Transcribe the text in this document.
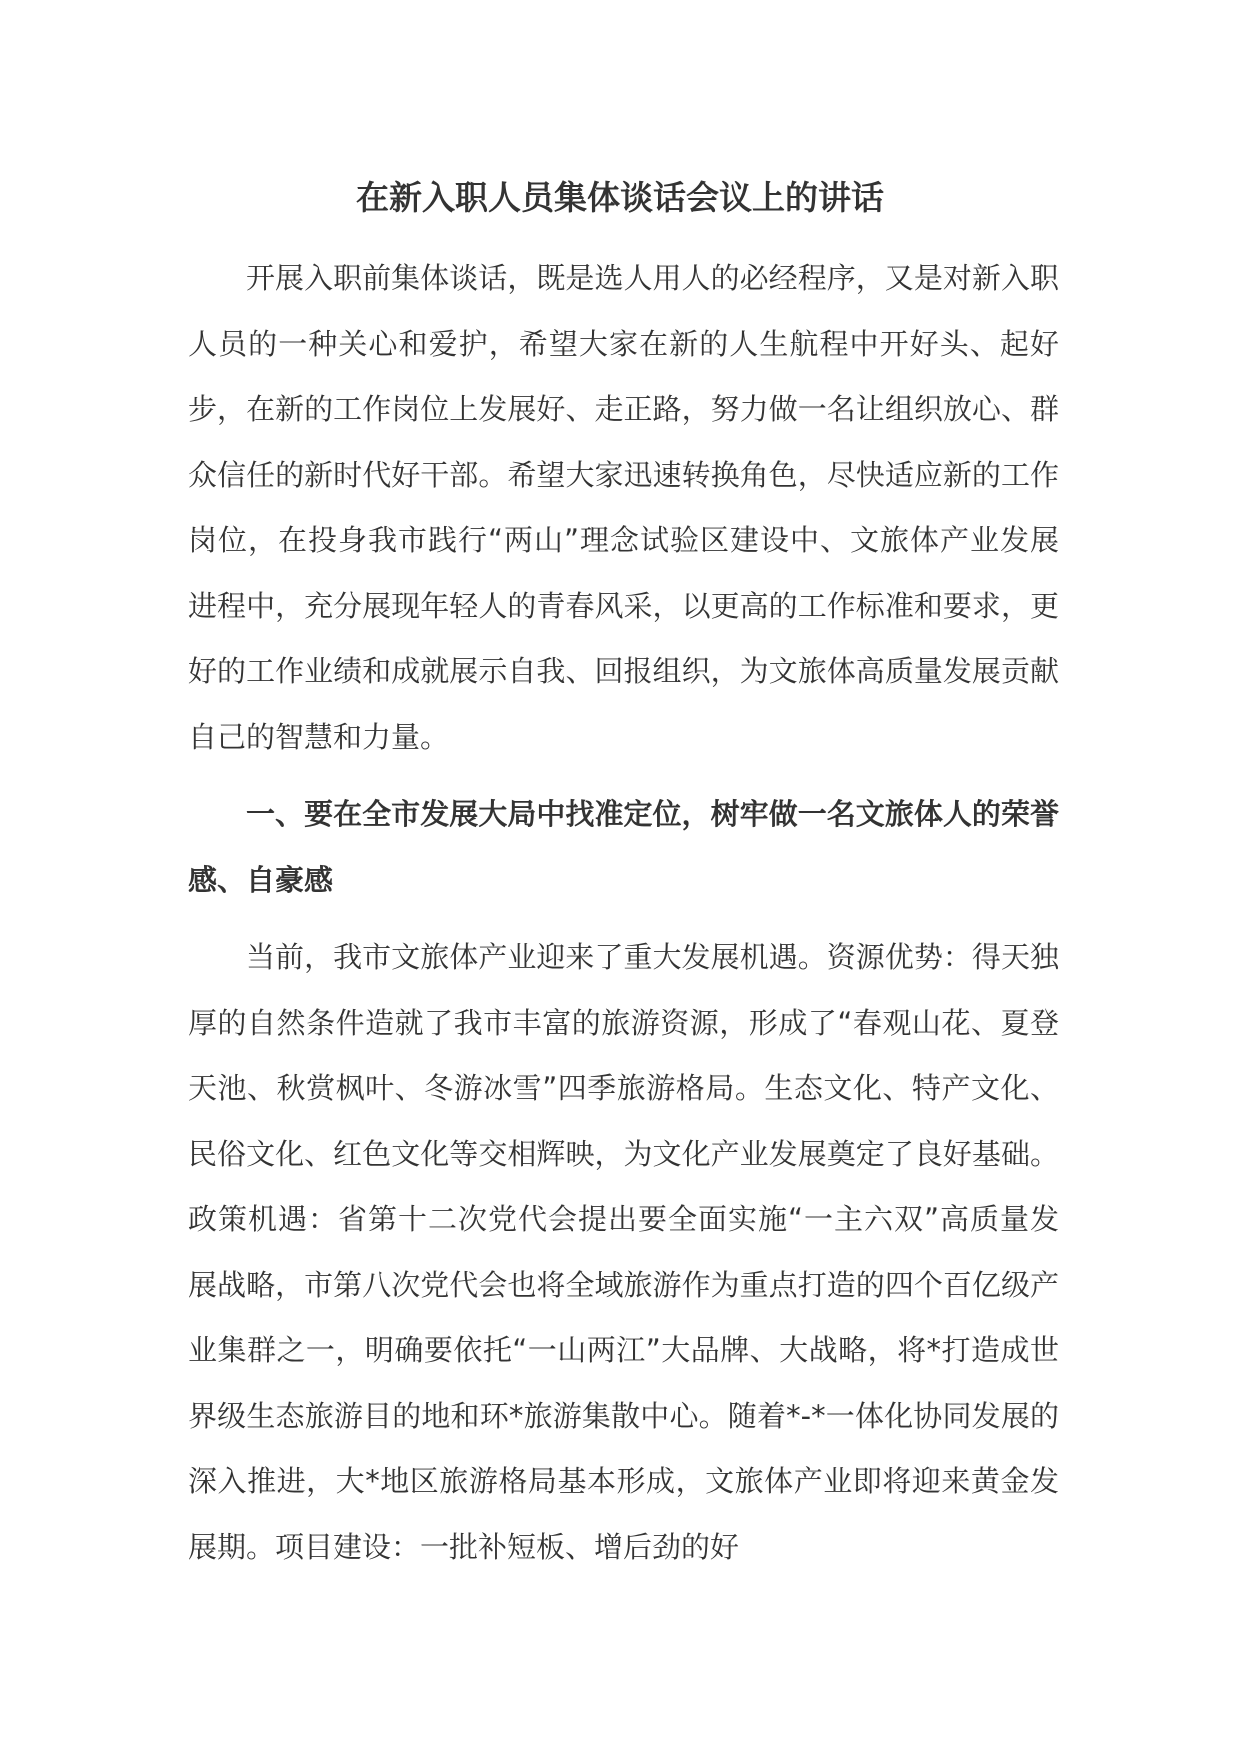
在新入职人员集体谈话会议上的讲话

开展入职前集体谈话，既是选人用人的必经程序，又是对新入职人员的一种关心和爱护，希望大家在新的人生航程中开好头、起好步，在新的工作岗位上发展好、走正路，努力做一名让组织放心、群众信任的新时代好干部。希望大家迅速转换角色，尽快适应新的工作岗位，在投身我市践行“两山”理念试验区建设中、文旅体产业发展进程中，充分展现年轻人的青春风采，以更高的工作标准和要求，更好的工作业绩和成就展示自我、回报组织，为文旅体高质量发展贡献自己的智慧和力量。

一、要在全市发展大局中找准定位，树牢做一名文旅体人的荣誉感、自豪感

当前，我市文旅体产业迎来了重大发展机遇。资源优势：得天独厚的自然条件造就了我市丰富的旅游资源，形成了“春观山花、夏登天池、秋赏枫叶、冬游冰雪”四季旅游格局。生态文化、特产文化、民俗文化、红色文化等交相辉映，为文化产业发展奠定了良好基础。政策机遇：省第十二次党代会提出要全面实施“一主六双”高质量发展战略，市第八次党代会也将全域旅游作为重点打造的四个百亿级产业集群之一，明确要依托“一山两江”大品牌、大战略，将*打造成世界级生态旅游目的地和环*旅游集散中心。随着*-*一体化协同发展的深入推进，大*地区旅游格局基本形成，文旅体产业即将迎来黄金发展期。项目建设：一批补短板、增后劲的好
